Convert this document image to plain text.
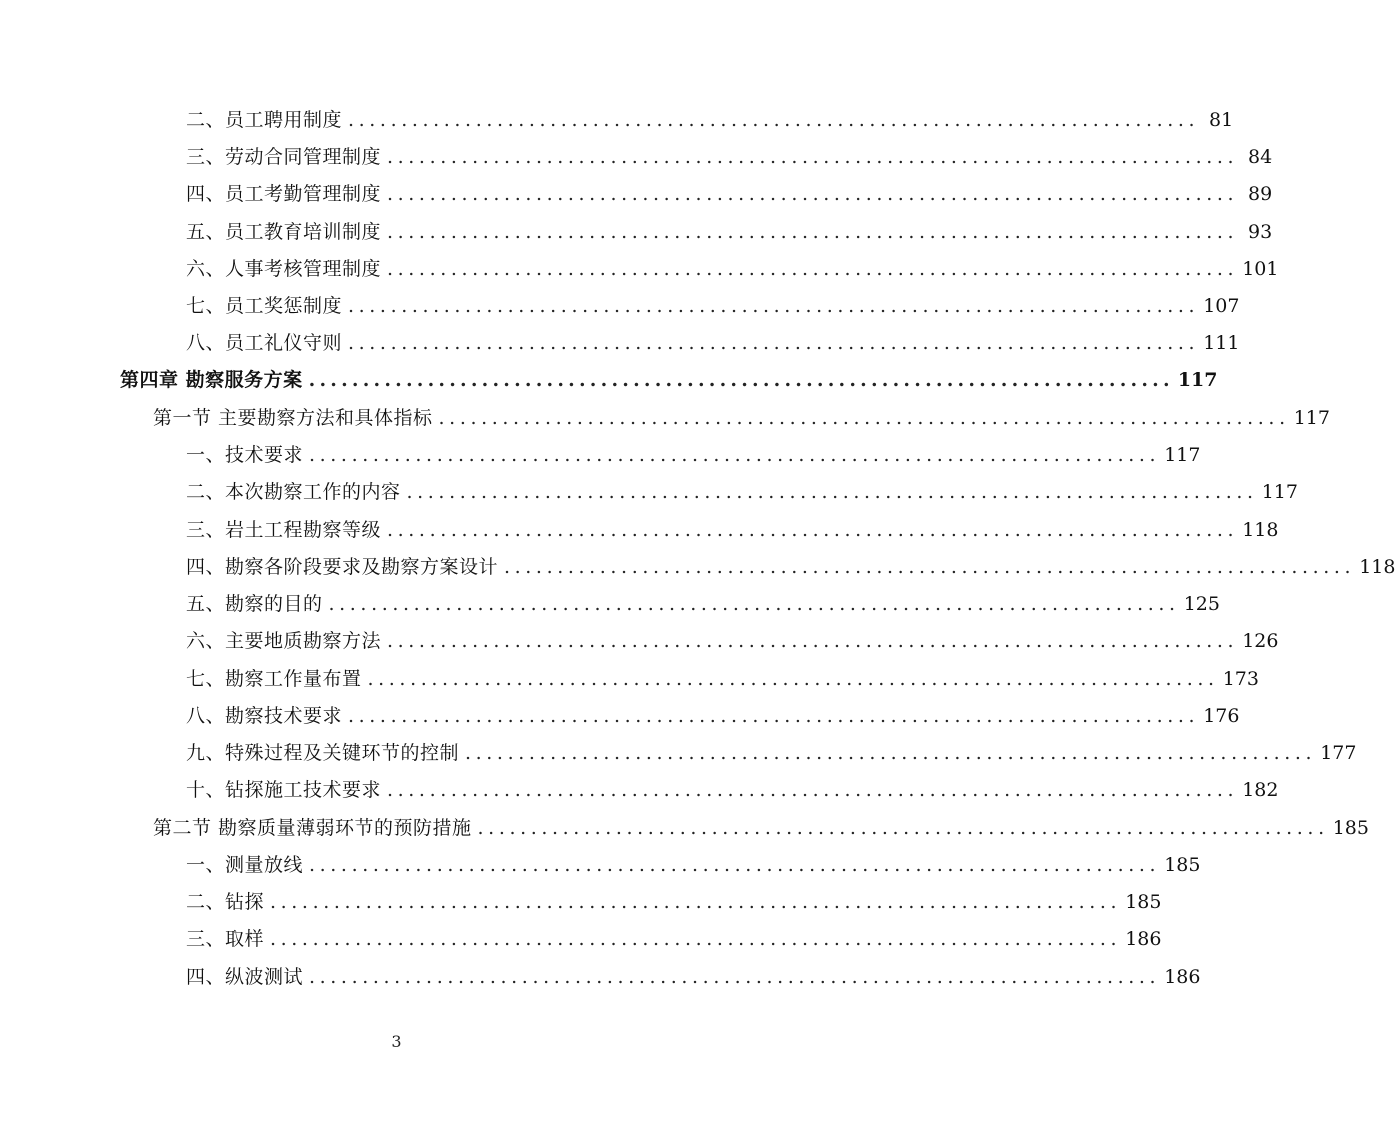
二、员工聘用制度 ................................................................................ 81
三、劳动合同管理制度 ................................................................................ 84
四、员工考勤管理制度 ................................................................................ 89
五、员工教育培训制度 ................................................................................ 93
六、人事考核管理制度 ................................................................................ 101
七、员工奖惩制度 ................................................................................ 107
八、员工礼仪守则 ................................................................................ 111
第四章 勘察服务方案 ................................................................................ 117
第一节 主要勘察方法和具体指标 ................................................................................ 117
一、技术要求 ................................................................................ 117
二、本次勘察工作的内容 ................................................................................ 117
三、岩土工程勘察等级 ................................................................................ 118
四、勘察各阶段要求及勘察方案设计 ................................................................................ 118
五、勘察的目的 ................................................................................ 125
六、主要地质勘察方法 ................................................................................ 126
七、勘察工作量布置 ................................................................................ 173
八、勘察技术要求 ................................................................................ 176
九、特殊过程及关键环节的控制 ................................................................................ 177
十、钻探施工技术要求 ................................................................................ 182
第二节 勘察质量薄弱环节的预防措施 ................................................................................ 185
一、测量放线 ................................................................................ 185
二、钻探 ................................................................................ 185
三、取样 ................................................................................ 186
四、纵波测试 ................................................................................ 186
3
